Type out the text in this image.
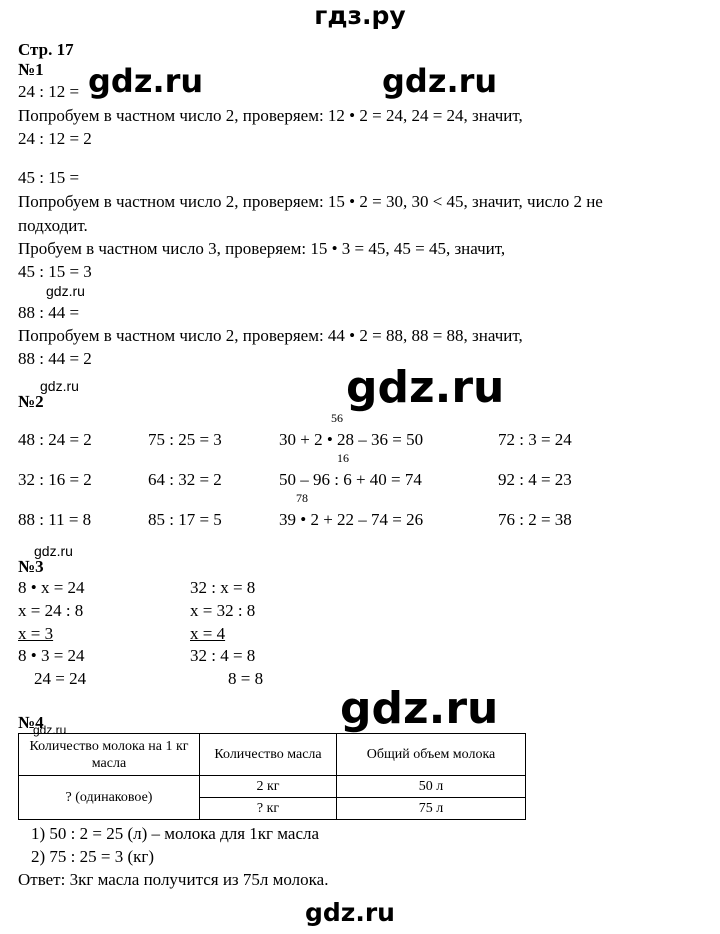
гдз.ру
Стр. 17
№1
24 : 12 =
Попробуем в частном число 2, проверяем: 12 • 2 = 24, 24 = 24, значит,
24 : 12 = 2
45 : 15 =
Попробуем в частном число 2, проверяем: 15 • 2 = 30, 30 < 45, значит, число 2 не
подходит.
Пробуем в частном число 3, проверяем: 15 • 3 = 45, 45 = 45, значит,
45 : 15 = 3
88 : 44 =
Попробуем в частном число 2, проверяем: 44 • 2 = 88, 88 = 88, значит,
88 : 44 = 2
№2
56
48 : 24 = 2	75 : 25 = 3	30 + 2 • 28 – 36 = 50	72 : 3 = 24
16
32 : 16 = 2	64 : 32 = 2	50 – 96 : 6 + 40 = 74	92 : 4 = 23
78
88 : 11 = 8	85 : 17 = 5	39 • 2 + 22 – 74 = 26	76 : 2 = 38
№3
8 • x = 24
x = 24 : 8
x = 3
8 • 3 = 24
24 = 24
32 : x = 8
x = 32 : 8
x = 4
32 : 4 = 8
8 = 8
№4
Количество молока на 1 кг масла	Количество масла	Общий объем молока
? (одинаковое)	2 кг	50 л
	? кг	75 л
1) 50 : 2 = 25 (л) – молока для 1кг масла
2) 75 : 25 = 3 (кг)
Ответ: 3кг масла получится из 75л молока.
gdz.ru	gdz.ru
gdz.ru
gdz.ru
gdz.ru
gdz.ru
gdz.ru
gdz.ru
gdz.ru
